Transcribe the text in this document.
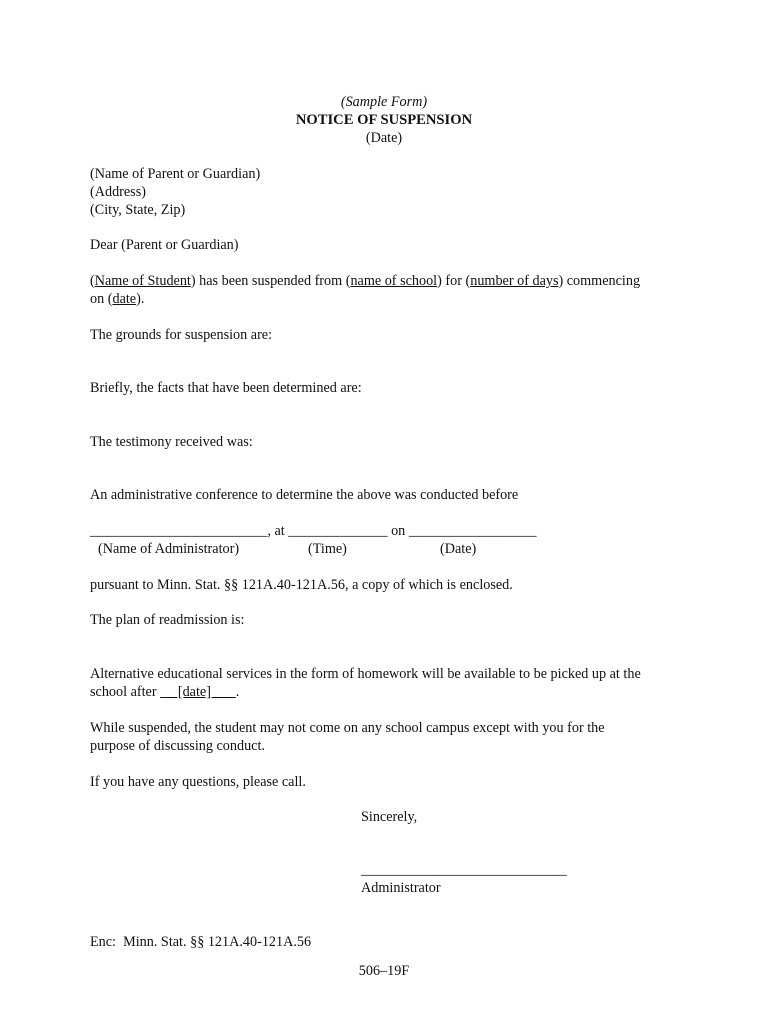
(Sample Form)
NOTICE OF SUSPENSION
(Date)
(Name of Parent or Guardian)
(Address)
(City, State, Zip)
Dear (Parent or Guardian)
(Name of Student) has been suspended from (name of school) for (number of days) commencing
on (date).
The grounds for suspension are:
Briefly, the facts that have been determined are:
The testimony received was:
An administrative conference to determine the above was conducted before
_________________________, at ______________ on __________________
(Name of Administrator)	(Time)	(Date)
pursuant to Minn. Stat. §§ 121A.40-121A.56, a copy of which is enclosed.
The plan of readmission is:
Alternative educational services in the form of homework will be available to be picked up at the
school after      [date]       .
While suspended, the student may not come on any school campus except with you for the
purpose of discussing conduct.
If you have any questions, please call.
Sincerely,
_____________________________
Administrator
Enc:  Minn. Stat. §§ 121A.40-121A.56
506–19F
